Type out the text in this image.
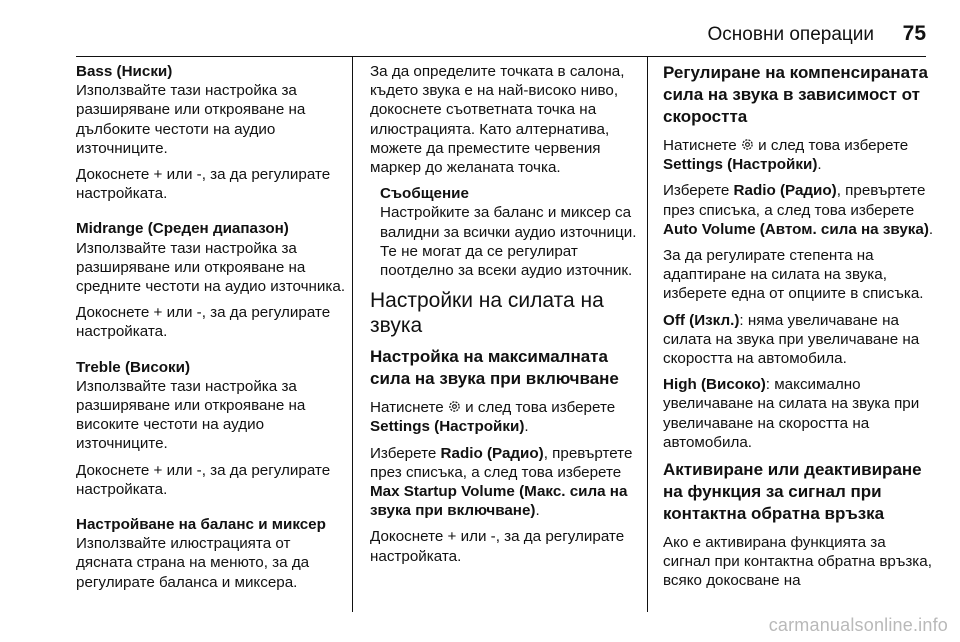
Основни операции 75

Bass (Ниски)

Използвайте тази настройка за разширяване или открояване на дълбоките честоти на аудио източниците.

Докоснете + или -, за да регулирате настройката.

Midrange (Среден диапазон)

Използвайте тази настройка за разширяване или открояване на средните честоти на аудио източника.

Докоснете + или -, за да регулирате настройката.

Treble (Високи)

Използвайте тази настройка за разширяване или открояване на високите честоти на аудио източниците.

Докоснете + или -, за да регулирате настройката.

Настройване на баланс и миксер

Използвайте илюстрацията от дясната страна на менюто, за да регулирате баланса и миксера.

За да определите точката в салона, където звука е на най-високо ниво, докоснете съответната точка на илюстрацията. Като алтернатива, можете да преместите червения маркер до желаната точка.

Съобщение
Настройките за баланс и миксер са валидни за всички аудио източници. Те не могат да се регулират поотделно за всеки аудио източник.
Настройки на силата на звука
Настройка на максималната сила на звука при включване

Натиснете и след това изберете Settings (Настройки).

Изберете Radio (Радио), превъртете през списъка, а след това изберете Max Startup Volume (Макс. сила на звука при включване).

Докоснете + или -, за да регулирате настройката.

Регулиране на компенсираната сила на звука в зависимост от скоростта

Натиснете и след това изберете Settings (Настройки).

Изберете Radio (Радио), превъртете през списъка, а след това изберете Auto Volume (Автом. сила на звука).

За да регулирате степента на адаптиране на силата на звука, изберете една от опциите в списъка.

Off (Изкл.): няма увеличаване на силата на звука при увеличаване на скоростта на автомобила.

High (Високо): максимално увеличаване на силата на звука при увеличаване на скоростта на автомобила.

Активиране или деактивиране на функция за сигнал при контактна обратна връзка

Ако е активирана функцията за сигнал при контактна обратна връзка, всяко докосване на

carmanualsonline.info
